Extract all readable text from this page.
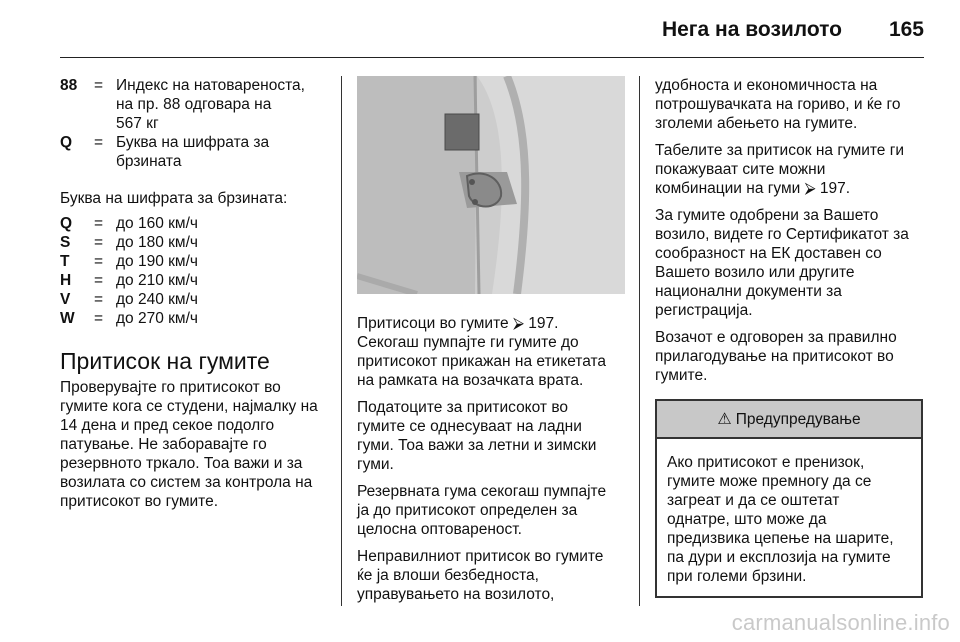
Нега на возилото 165
88	=	Индекс на натовареноста,
на пр. 88 одговара на
567 кг

Q	=	Буква на шифрата за
брзината

Буква на шифрата за брзината:

Q	=	до 160 км/ч
S	=	до 180 км/ч
T	=	до 190 км/ч
H	=	до 210 км/ч
V	=	до 240 км/ч
W	=	до 270 км/ч
Притисок на гумите
Проверувајте го притисокот во
гумите кога се студени, најмалку на
14 дена и пред секое подолго
патување. Не заборавајте го
резервното тркало. Тоа важи и за
возилата со систем за контрола на
притисокот во гумите.

Притисоци во гумите ⮚ 197.
Секогаш пумпајте ги гумите до
притисокот прикажан на етикетата
на рамката на возачката врата.

Податоците за притисокот во
гумите се однесуваат на ладни
гуми. Тоа важи за летни и зимски
гуми.

Резервната гума секогаш пумпајте
ја до притисокот определен за
целосна оптовареност.

Неправилниот притисок во гумите
ќе ја влоши безбедноста,
управувањето на возилото,

удобноста и економичноста на
потрошувачката на гориво, и ќе го
зголеми абењето на гумите.

Табелите за притисок на гумите ги
покажуваат сите можни
комбинации на гуми ⮚ 197.

За гумите одобрени за Вашето
возило, видете го Сертификатот за
сообразност на ЕК доставен со
Вашето возило или другите
национални документи за
регистрација.

Возачот е одговорен за правилно
прилагодување на притисокот во
гумите.

⚠ Предупредување
Ако притисокот е пренизок,
гумите може премногу да се
загреат и да се оштетат
однатре, што може да
предизвика цепење на шарите,
па дури и експлозија на гумите
при големи брзини.
carmanualsonline.info
